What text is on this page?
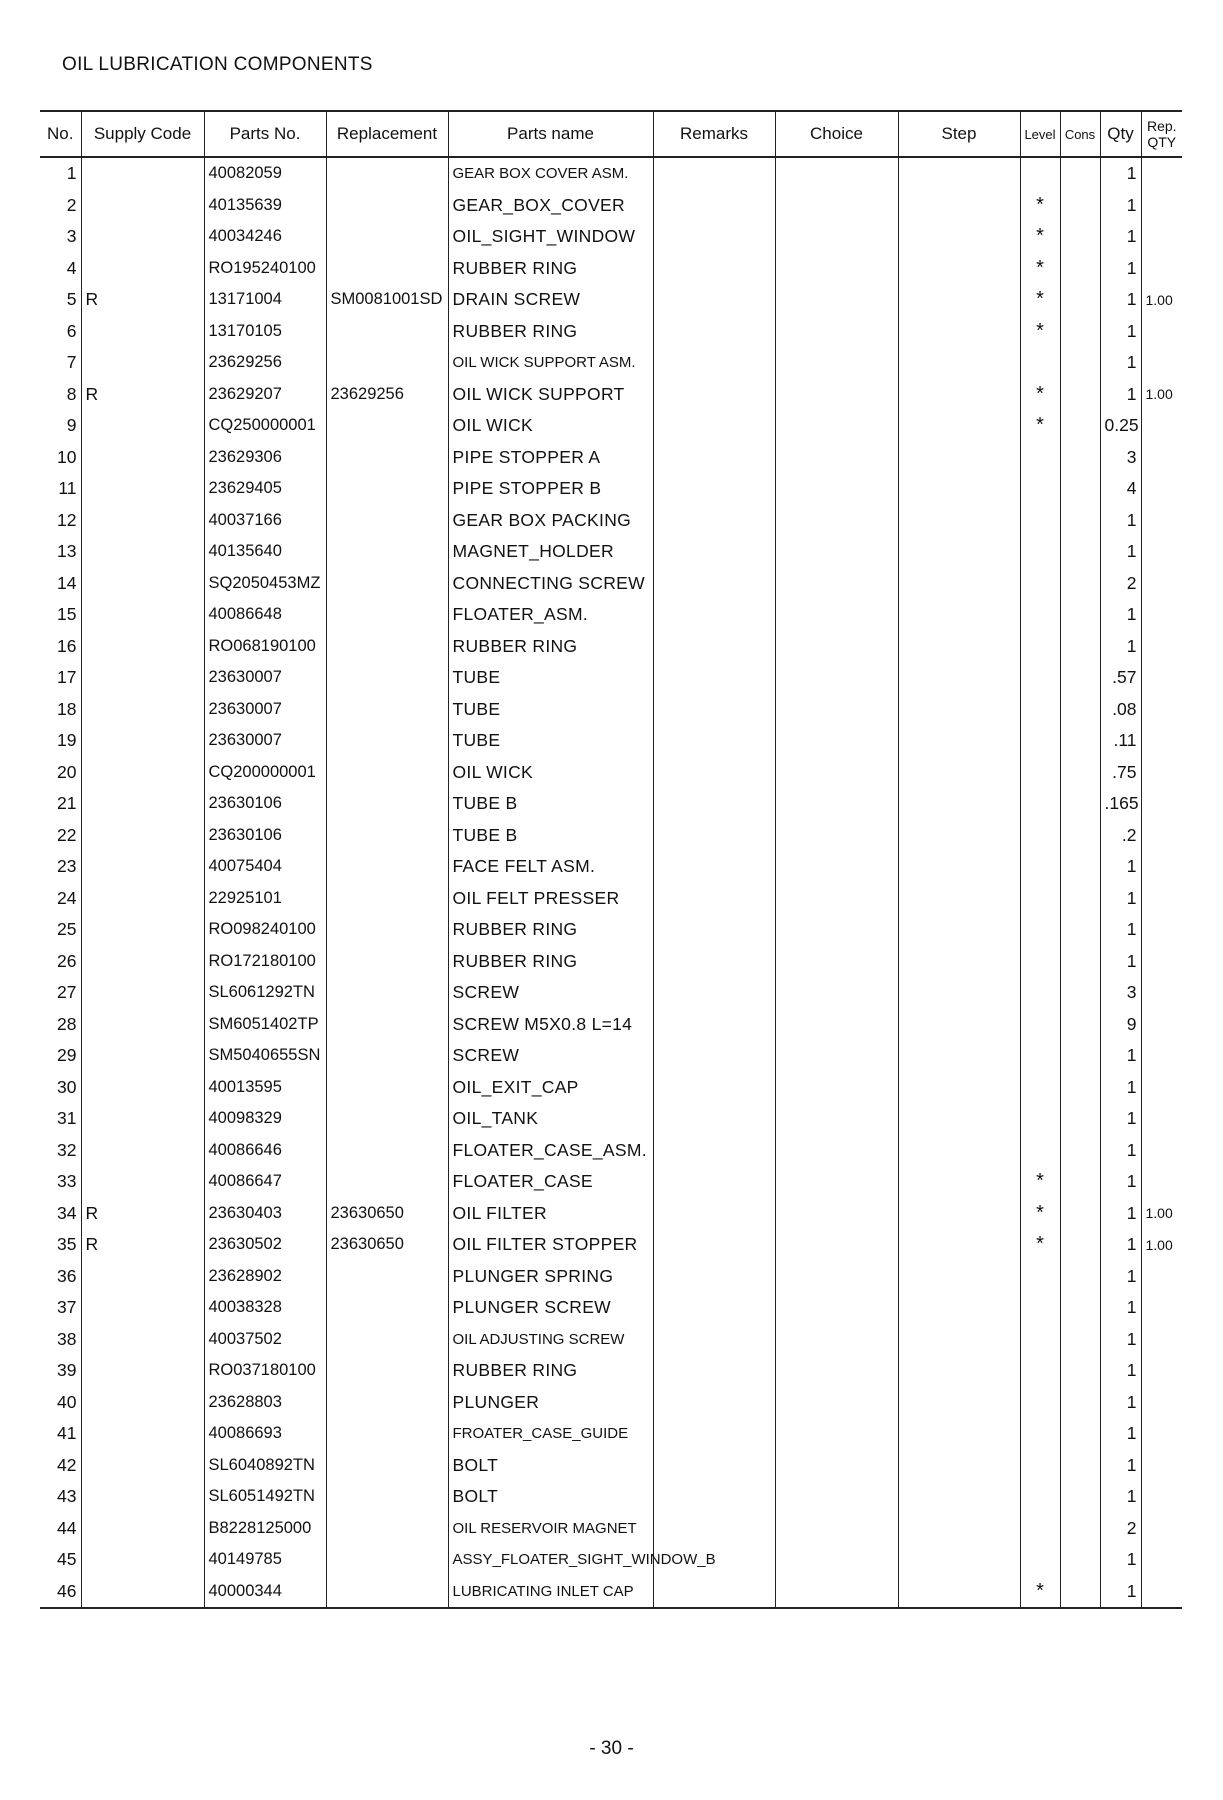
OIL LUBRICATION COMPONENTS
No.	Supply Code	Parts No.	Replacement	Parts name	Remarks	Choice	Step	Level	Cons	Qty	Rep. QTY

1		40082059		GEAR BOX COVER ASM.						1	
2		40135639		GEAR_BOX_COVER				*		1	
3		40034246		OIL_SIGHT_WINDOW				*		1	
4		RO195240100		RUBBER RING				*		1	
5	R	13171004	SM0081001SD	DRAIN SCREW				*		1	1.00
6		13170105		RUBBER RING				*		1	
7		23629256		OIL WICK SUPPORT ASM.						1	
8	R	23629207	23629256	OIL WICK SUPPORT				*		1	1.00
9		CQ250000001		OIL WICK				*		0.25	
10		23629306		PIPE STOPPER A						3	
11		23629405		PIPE STOPPER B						4	
12		40037166		GEAR BOX PACKING						1	
13		40135640		MAGNET_HOLDER						1	
14		SQ2050453MZ		CONNECTING SCREW						2	
15		40086648		FLOATER_ASM.						1	
16		RO068190100		RUBBER RING						1	
17		23630007		TUBE						.57	
18		23630007		TUBE						.08	
19		23630007		TUBE						.11	
20		CQ200000001		OIL WICK						.75	
21		23630106		TUBE B						.165	
22		23630106		TUBE B						.2	
23		40075404		FACE FELT ASM.						1	
24		22925101		OIL FELT PRESSER						1	
25		RO098240100		RUBBER RING						1	
26		RO172180100		RUBBER RING						1	
27		SL6061292TN		SCREW						3	
28		SM6051402TP		SCREW M5X0.8 L=14						9	
29		SM5040655SN		SCREW						1	
30		40013595		OIL_EXIT_CAP						1	
31		40098329		OIL_TANK						1	
32		40086646		FLOATER_CASE_ASM.						1	
33		40086647		FLOATER_CASE				*		1	
34	R	23630403	23630650	OIL FILTER				*		1	1.00
35	R	23630502	23630650	OIL FILTER STOPPER				*		1	1.00
36		23628902		PLUNGER SPRING						1	
37		40038328		PLUNGER SCREW						1	
38		40037502		OIL ADJUSTING SCREW						1	
39		RO037180100		RUBBER RING						1	
40		23628803		PLUNGER						1	
41		40086693		FROATER_CASE_GUIDE						1	
42		SL6040892TN		BOLT						1	
43		SL6051492TN		BOLT						1	
44		B8228125000		OIL RESERVOIR MAGNET						2	
45		40149785		ASSY_FLOATER_SIGHT_WINDOW_B						1	
46		40000344		LUBRICATING INLET CAP				*		1	
- 30 -
